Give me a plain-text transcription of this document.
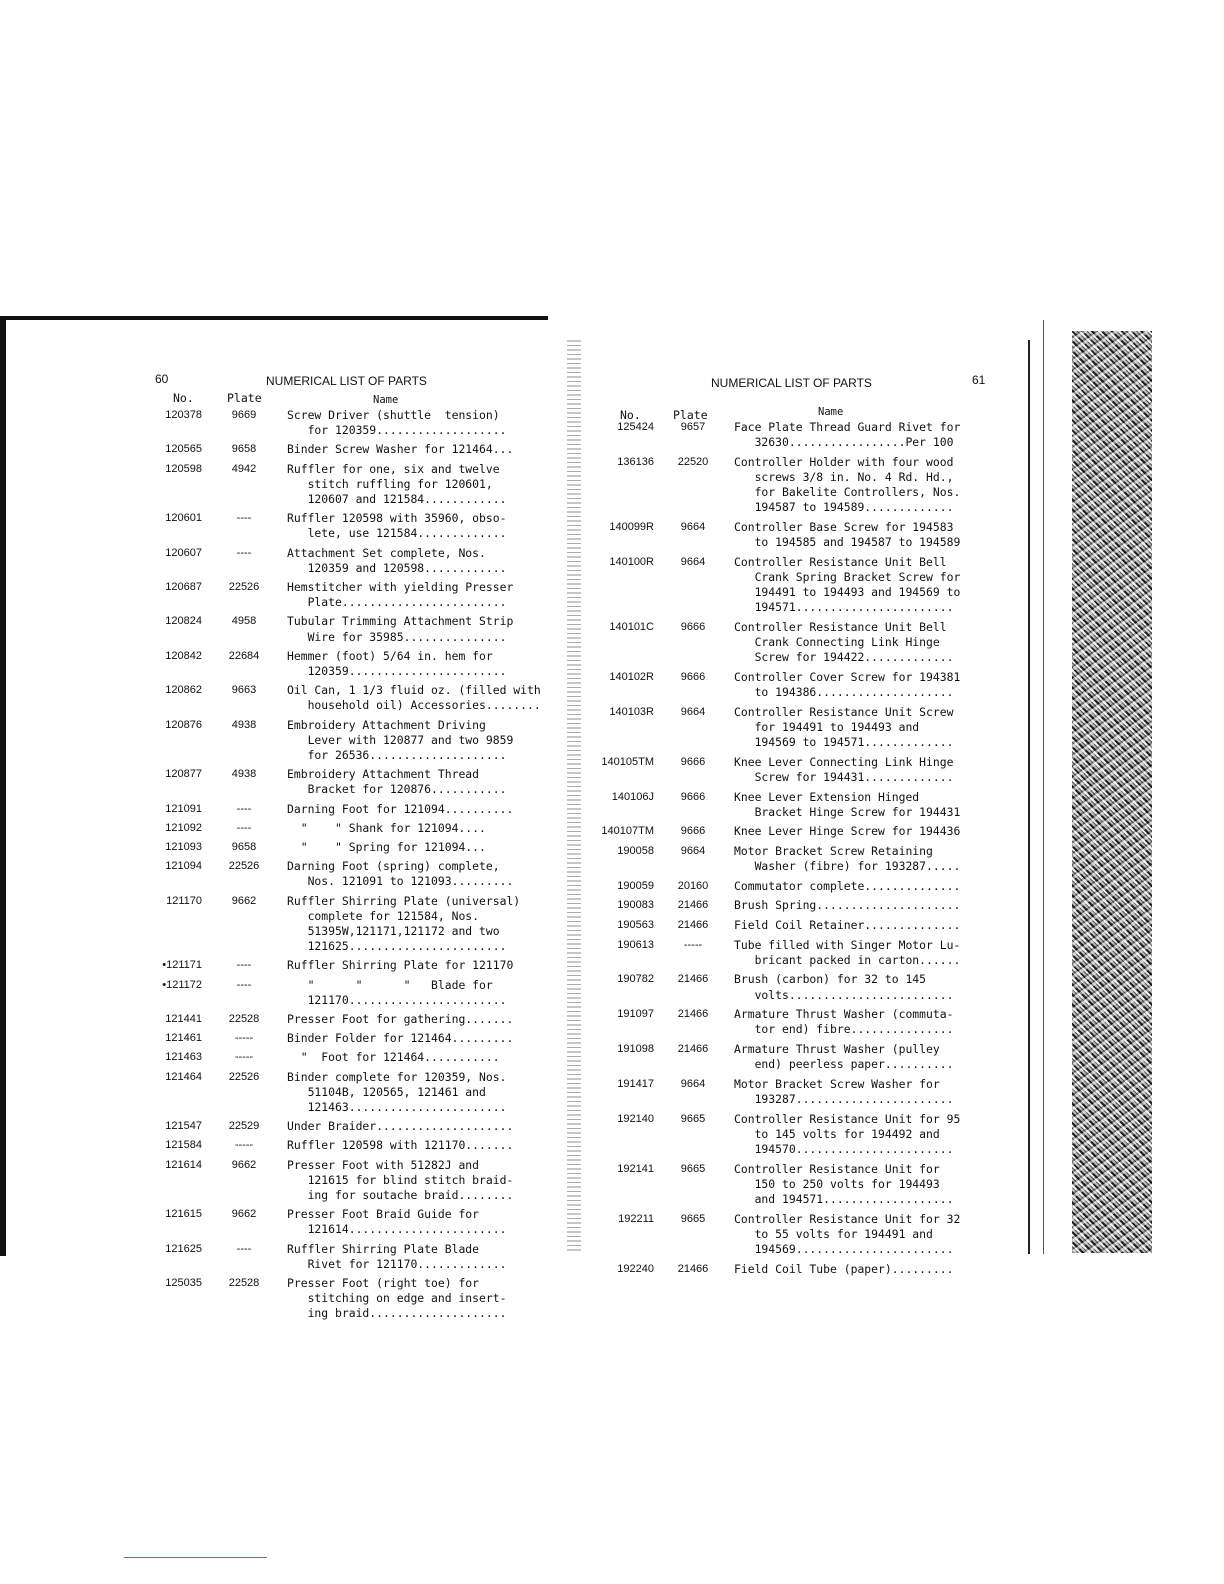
60	NUMERICAL LIST OF PARTS
No.	Plate	Name
120378	9669	Screw Driver (shuttle  tension)
for 120359...................
120565	9658	Binder Screw Washer for 121464...
120598	4942	Ruffler for one, six and twelve
stitch ruffling for 120601,
120607 and 121584............
120601	----	Ruffler 120598 with 35960, obso-
lete, use 121584.............
120607	----	Attachment Set complete, Nos.
120359 and 120598............
120687 22526 Hemstitcher with yielding Presser
Plate........................
120824	4958	Tubular Trimming Attachment Strip
Wire for 35985...............
120842 22684 Hemmer (foot) 5/64 in. hem for
120359.......................
120862	9663	Oil Can, 1 1/3 fluid oz. (filled with
household oil) Accessories........
120876	4938	Embroidery Attachment Driving
Lever with 120877 and two 9859
for 26536....................
120877	4938	Embroidery Attachment Thread
Bracket for 120876...........
121091	----	Darning Foot for 121094..........
121092	----	"    " Shank for 121094....
121093	9658	"    " Spring for 121094...
121094 22526 Darning Foot (spring) complete,
Nos. 121091 to 121093.........
121170	9662	Ruffler Shirring Plate (universal)
complete for 121584, Nos.
51395W,121171,121172 and two
121625.......................
•121171	----	Ruffler Shirring Plate for 121170
•121172	----	"      "      "   Blade for
121170.......................
121441 22528 Presser Foot for gathering.......
121461	-----	Binder Folder for 121464.........
121463	-----	"  Foot for 121464...........
121464 22526 Binder complete for 120359, Nos.
51104B, 120565, 121461 and
121463.......................
121547 22529 Under Braider....................
121584	-----	Ruffler 120598 with 121170.......
121614	9662	Presser Foot with 51282J and
121615 for blind stitch braid-
ing for soutache braid........
121615	9662	Presser Foot Braid Guide for
121614.......................
121625	----	Ruffler Shirring Plate Blade
Rivet for 121170.............
125035 22528 Presser Foot (right toe) for
stitching on edge and insert-
ing braid....................
NUMERICAL LIST OF PARTS	61
No.	Plate	Name
125424	9657	Face Plate Thread Guard Rivet for
32630.................Per 100
136136 22520 Controller Holder with four wood
screws 3/8 in. No. 4 Rd. Hd.,
for Bakelite Controllers, Nos.
194587 to 194589.............
140099R	9664	Controller Base Screw for 194583
to 194585 and 194587 to 194589
140100R	9664	Controller Resistance Unit Bell
Crank Spring Bracket Screw for
194491 to 194493 and 194569 to
194571.......................
140101C	9666	Controller Resistance Unit Bell
Crank Connecting Link Hinge
Screw for 194422.............
140102R	9666	Controller Cover Screw for 194381
to 194386....................
140103R	9664	Controller Resistance Unit Screw
for 194491 to 194493 and
194569 to 194571.............
140105TM	9666	Knee Lever Connecting Link Hinge
Screw for 194431.............
140106J	9666	Knee Lever Extension Hinged
Bracket Hinge Screw for 194431
140107TM	9666	Knee Lever Hinge Screw for 194436
190058	9664	Motor Bracket Screw Retaining
Washer (fibre) for 193287.....
190059 20160 Commutator complete..............
190083 21466 Brush Spring.....................
190563 21466 Field Coil Retainer..............
190613	-----	Tube filled with Singer Motor Lu-
bricant packed in carton......
190782 21466 Brush (carbon) for 32 to 145
volts........................
191097 21466 Armature Thrust Washer (commuta-
tor end) fibre...............
191098 21466 Armature Thrust Washer (pulley
end) peerless paper..........
191417	9664	Motor Bracket Screw Washer for
193287.......................
192140	9665	Controller Resistance Unit for 95
to 145 volts for 194492 and
194570.......................
192141	9665	Controller Resistance Unit for
150 to 250 volts for 194493
and 194571...................
192211	9665	Controller Resistance Unit for 32
to 55 volts for 194491 and
194569.......................
192240 21466 Field Coil Tube (paper).........
